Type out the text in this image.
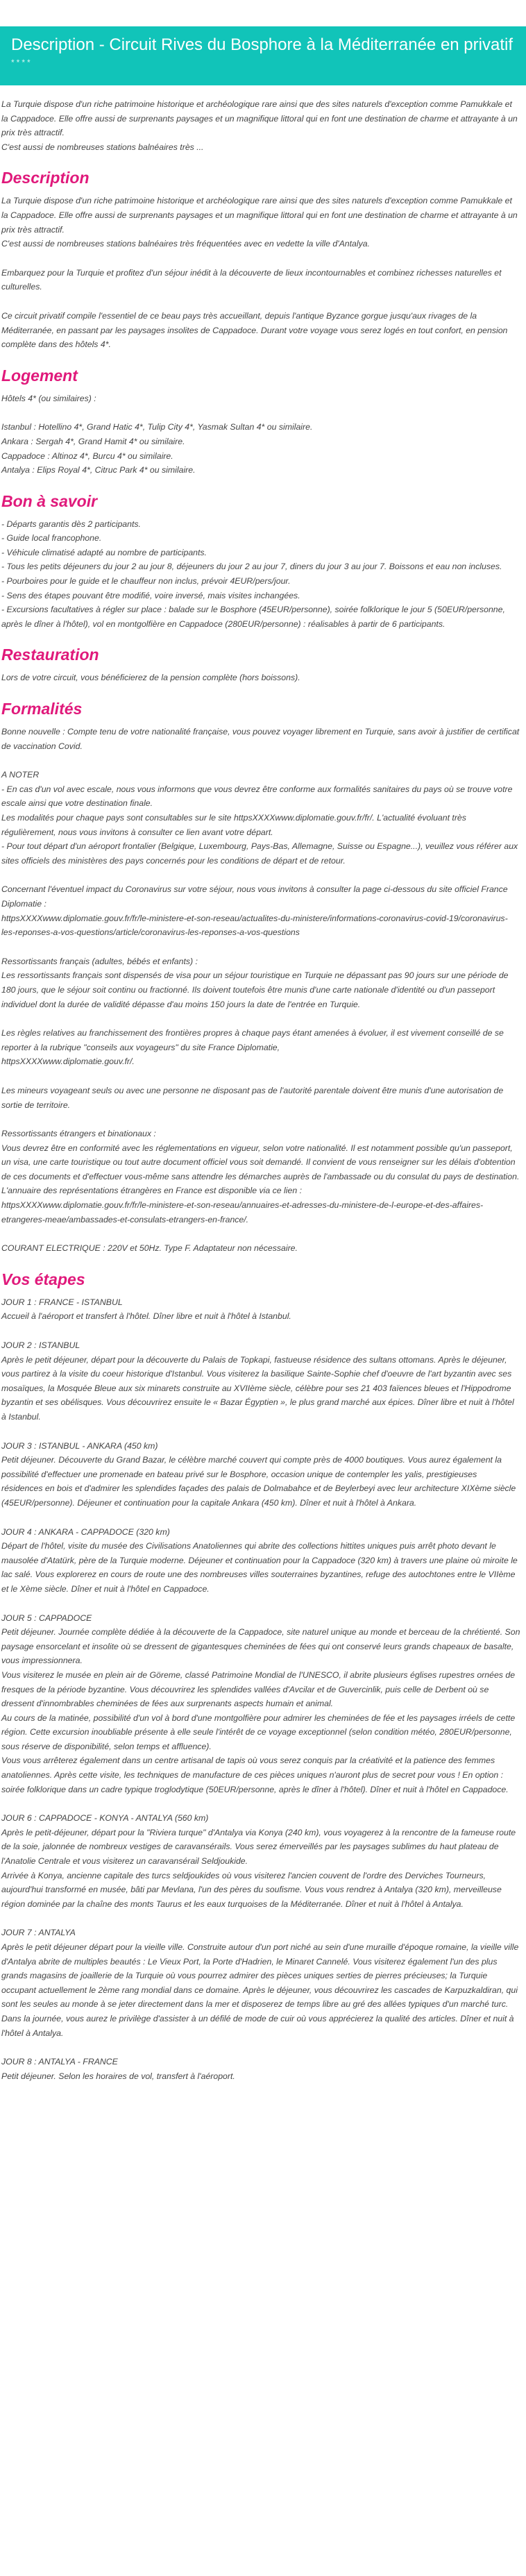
Description - Circuit Rives du Bosphore à la Méditerranée en privatif
****

La Turquie dispose d'un riche patrimoine historique et archéologique rare ainsi que des sites naturels d'exception comme Pamukkale et la Cappadoce. Elle offre aussi de surprenants paysages et un magnifique littoral qui en font une destination de charme et attrayante à un prix très attractif.
C'est aussi de nombreuses stations balnéaires très ...

Description

La Turquie dispose d'un riche patrimoine historique et archéologique rare ainsi que des sites naturels d'exception comme Pamukkale et la Cappadoce. Elle offre aussi de surprenants paysages et un magnifique littoral qui en font une destination de charme et attrayante à un prix très attractif.
C'est aussi de nombreuses stations balnéaires très fréquentées avec en vedette la ville d'Antalya.

Embarquez pour la Turquie et profitez d'un séjour inédit à la découverte de lieux incontournables et combinez richesses naturelles et culturelles.

Ce circuit privatif compile l'essentiel de ce beau pays très accueillant, depuis l'antique Byzance gorgue jusqu'aux rivages de la Méditerranée, en passant par les paysages insolites de Cappadoce. Durant votre voyage vous serez logés en tout confort, en pension complète dans des hôtels 4*.

Logement

Hôtels 4* (ou similaires) :

Istanbul : Hotellino 4*, Grand Hatic 4*, Tulip City 4*, Yasmak Sultan 4* ou similaire.
Ankara : Sergah 4*, Grand Hamit 4* ou similaire.
Cappadoce : Altinoz 4*, Burcu 4* ou similaire.
Antalya : Elips Royal 4*, Citruc Park 4* ou similaire.

Bon à savoir

- Départs garantis dès 2 participants.
- Guide local francophone.
- Véhicule climatisé adapté au nombre de participants.
- Tous les petits déjeuners du jour 2 au jour 8, déjeuners du jour 2 au jour 7, diners du jour 3 au jour 7. Boissons et eau non incluses.
- Pourboires pour le guide et le chauffeur non inclus, prévoir 4EUR/pers/jour.
- Sens des étapes pouvant être modifié, voire inversé, mais visites inchangées.
- Excursions facultatives à régler sur place : balade sur le Bosphore (45EUR/personne), soirée folklorique le jour 5 (50EUR/personne, après le dîner à l'hôtel), vol en montgolfière en Cappadoce (280EUR/personne) : réalisables à partir de 6 participants.

Restauration

Lors de votre circuit, vous bénéficierez de la pension complète (hors boissons).

Formalités

Bonne nouvelle : Compte tenu de votre nationalité française, vous pouvez voyager librement en Turquie, sans avoir à justifier de certificat de vaccination Covid.

A NOTER
- En cas d'un vol avec escale, nous vous informons que vous devrez être conforme aux formalités sanitaires du pays où se trouve votre escale ainsi que votre destination finale.
Les modalités pour chaque pays sont consultables sur le site httpsXXXXwww.diplomatie.gouv.fr/fr/. L'actualité évoluant très régulièrement, nous vous invitons à consulter ce lien avant votre départ.
- Pour tout départ d'un aéroport frontalier (Belgique, Luxembourg, Pays-Bas, Allemagne, Suisse ou Espagne...), veuillez vous référer aux sites officiels des ministères des pays concernés pour les conditions de départ et de retour.

Concernant l'éventuel impact du Coronavirus sur votre séjour, nous vous invitons à consulter la page ci-dessous du site officiel France Diplomatie :
httpsXXXXwww.diplomatie.gouv.fr/fr/le-ministere-et-son-reseau/actualites-du-ministere/informations-coronavirus-covid-19/coronavirus-les-reponses-a-vos-questions/article/coronavirus-les-reponses-a-vos-questions

Ressortissants français (adultes, bébés et enfants) :
Les ressortissants français sont dispensés de visa pour un séjour touristique en Turquie ne dépassant pas 90 jours sur une période de 180 jours, que le séjour soit continu ou fractionné. Ils doivent toutefois être munis d'une carte nationale d'identité ou d'un passeport individuel dont la durée de validité dépasse d'au moins 150 jours la date de l'entrée en Turquie.

Les règles relatives au franchissement des frontières propres à chaque pays étant amenées à évoluer, il est vivement conseillé de se reporter à la rubrique "conseils aux voyageurs" du site France Diplomatie,
httpsXXXXwww.diplomatie.gouv.fr/.

Les mineurs voyageant seuls ou avec une personne ne disposant pas de l'autorité parentale doivent être munis d'une autorisation de sortie de territoire.

Ressortissants étrangers et binationaux :
Vous devrez être en conformité avec les réglementations en vigueur, selon votre nationalité. Il est notamment possible qu'un passeport, un visa, une carte touristique ou tout autre document officiel vous soit demandé. Il convient de vous renseigner sur les délais d'obtention de ces documents et d'effectuer vous-même sans attendre les démarches auprès de l'ambassade ou du consulat du pays de destination.
L'annuaire des représentations étrangères en France est disponible via ce lien :
httpsXXXXwww.diplomatie.gouv.fr/fr/le-ministere-et-son-reseau/annuaires-et-adresses-du-ministere-de-l-europe-et-des-affaires-etrangeres-meae/ambassades-et-consulats-etrangers-en-france/.

COURANT ELECTRIQUE : 220V et 50Hz. Type F. Adaptateur non nécessaire.

Vos étapes

JOUR 1 : FRANCE - ISTANBUL
Accueil à l'aéroport et transfert à l'hôtel. Dîner libre et nuit à l'hôtel à Istanbul.

JOUR 2 : ISTANBUL
Après le petit déjeuner, départ pour la découverte du Palais de Topkapi, fastueuse résidence des sultans ottomans. Après le déjeuner, vous partirez à la visite du coeur historique d'Istanbul. Vous visiterez la basilique Sainte-Sophie chef d'oeuvre de l'art byzantin avec ses mosaïques, la Mosquée Bleue aux six minarets construite au XVIIème siècle, célèbre pour ses 21 403 faïences bleues et l'Hippodrome byzantin et ses obélisques. Vous découvrirez ensuite le « Bazar Égyptien », le plus grand marché aux épices. Dîner libre et nuit à l'hôtel à Istanbul.

JOUR 3 : ISTANBUL - ANKARA (450 km)
Petit déjeuner. Découverte du Grand Bazar, le célèbre marché couvert qui compte près de 4000 boutiques. Vous aurez également la possibilité d'effectuer une promenade en bateau privé sur le Bosphore, occasion unique de contempler les yalis, prestigieuses résidences en bois et d'admirer les splendides façades des palais de Dolmabahce et de Beylerbeyi avec leur architecture XIXème siècle (45EUR/personne). Déjeuner et continuation pour la capitale Ankara (450 km). Dîner et nuit à l'hôtel à Ankara.

JOUR 4 : ANKARA - CAPPADOCE (320 km)
Départ de l'hôtel, visite du musée des Civilisations Anatoliennes qui abrite des collections hittites uniques puis arrêt photo devant le mausolée d'Atatürk, père de la Turquie moderne. Déjeuner et continuation pour la Cappadoce (320 km) à travers une plaine où miroite le lac salé. Vous explorerez en cours de route une des nombreuses villes souterraines byzantines, refuge des autochtones entre le VIIème et le Xème siècle. Dîner et nuit à l'hôtel en Cappadoce.

JOUR 5 : CAPPADOCE
Petit déjeuner. Journée complète dédiée à la découverte de la Cappadoce, site naturel unique au monde et berceau de la chrétienté. Son paysage ensorcelant et insolite où se dressent de gigantesques cheminées de fées qui ont conservé leurs grands chapeaux de basalte, vous impressionnera.
Vous visiterez le musée en plein air de Göreme, classé Patrimoine Mondial de l'UNESCO, il abrite plusieurs églises rupestres ornées de fresques de la période byzantine. Vous découvrirez les splendides vallées d'Avcilar et de Guvercinlik, puis celle de Derbent où se dressent d'innombrables cheminées de fées aux surprenants aspects humain et animal.
Au cours de la matinée, possibilité d'un vol à bord d'une montgolfière pour admirer les cheminées de fée et les paysages irréels de cette région. Cette excursion inoubliable présente à elle seule l'intérêt de ce voyage exceptionnel (selon condition météo, 280EUR/personne, sous réserve de disponibilité, selon temps et affluence).
Vous vous arrêterez également dans un centre artisanal de tapis où vous serez conquis par la créativité et la patience des femmes anatoliennes. Après cette visite, les techniques de manufacture de ces pièces uniques n'auront plus de secret pour vous ! En option : soirée folklorique dans un cadre typique troglodytique (50EUR/personne, après le dîner à l'hôtel). Dîner et nuit à l'hôtel en Cappadoce.

JOUR 6 : CAPPADOCE - KONYA - ANTALYA (560 km)
Après le petit-déjeuner, départ pour la "Riviera turque" d'Antalya via Konya (240 km), vous voyagerez à la rencontre de la fameuse route de la soie, jalonnée de nombreux vestiges de caravansérails. Vous serez émerveillés par les paysages sublimes du haut plateau de l'Anatolie Centrale et vous visiterez un caravansérail Seldjoukide.
Arrivée à Konya, ancienne capitale des turcs seldjoukides où vous visiterez l'ancien couvent de l'ordre des Derviches Tourneurs, aujourd'hui transformé en musée, bâti par Mevlana, l'un des pères du soufisme. Vous vous rendrez à Antalya (320 km), merveilleuse région dominée par la chaîne des monts Taurus et les eaux turquoises de la Méditerranée. Dîner et nuit à l'hôtel à Antalya.

JOUR 7 : ANTALYA
Après le petit déjeuner départ pour la vieille ville. Construite autour d'un port niché au sein d'une muraille d'époque romaine, la vieille ville d'Antalya abrite de multiples beautés : Le Vieux Port, la Porte d'Hadrien, le Minaret Cannelé. Vous visiterez également l'un des plus grands magasins de joaillerie de la Turquie où vous pourrez admirer des pièces uniques serties de pierres précieuses; la Turquie occupant actuellement le 2ème rang mondial dans ce domaine. Après le déjeuner, vous découvrirez les cascades de Karpuzkaldiran, qui sont les seules au monde à se jeter directement dans la mer et disposerez de temps libre au gré des allées typiques d'un marché turc. Dans la journée, vous aurez le privilège d'assister à un défilé de mode de cuir où vous apprécierez la qualité des articles. Dîner et nuit à l'hôtel à Antalya.

JOUR 8 : ANTALYA - FRANCE
Petit déjeuner. Selon les horaires de vol, transfert à l'aéroport.
